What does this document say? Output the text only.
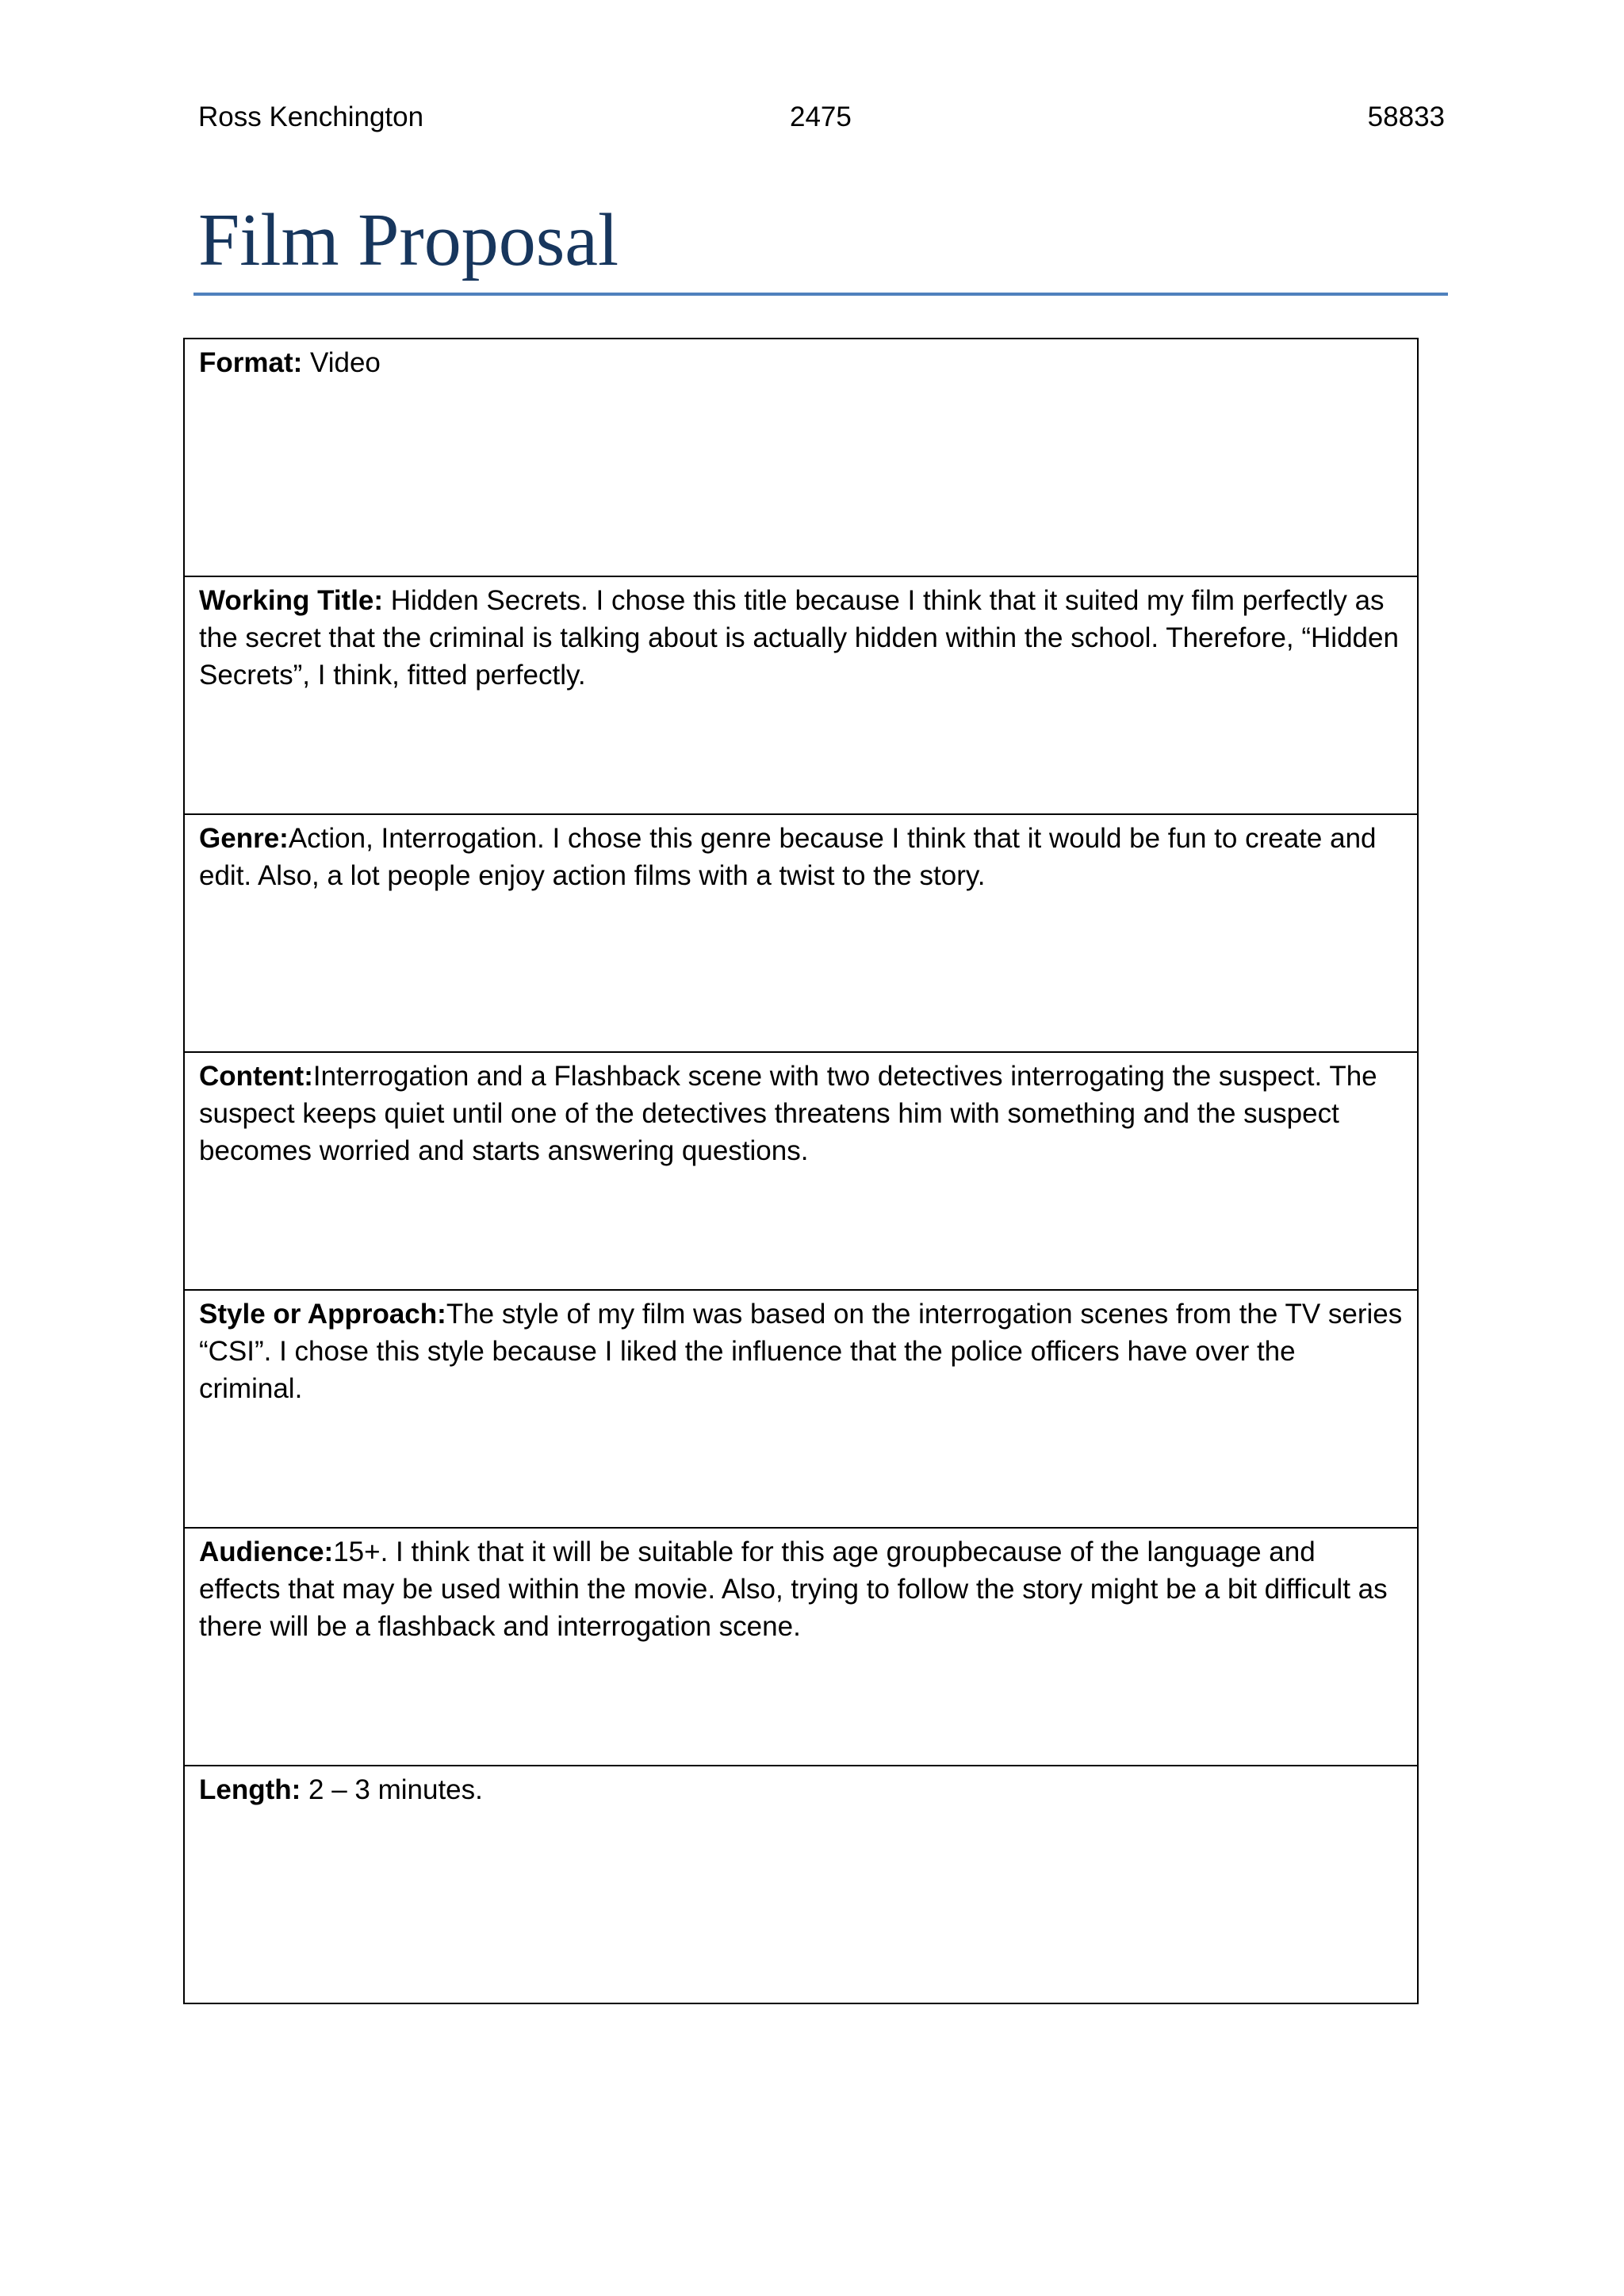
Ross Kenchington	2475	58833
Film Proposal
Format: Video
Working Title: Hidden Secrets. I chose this title because I think that it suited my film perfectly as the secret that the criminal is talking about is actually hidden within the school. Therefore, “Hidden Secrets”, I think, fitted perfectly.
Genre:Action, Interrogation. I chose this genre because I think that it would be fun to create and edit. Also, a lot people enjoy action films with a twist to the story.
Content:Interrogation and a Flashback scene with two detectives interrogating the suspect. The suspect keeps quiet until one of the detectives threatens him with something and the suspect becomes worried and starts answering questions.
Style or Approach:The style of my film was based on the interrogation scenes from the TV series “CSI”. I chose this style because I liked the influence that the police officers have over the criminal.
Audience:15+. I think that it will be suitable for this age groupbecause of the language and effects that may be used within the movie. Also, trying to follow the story might be a bit difficult as there will be a flashback and interrogation scene.
Length: 2 – 3 minutes.
